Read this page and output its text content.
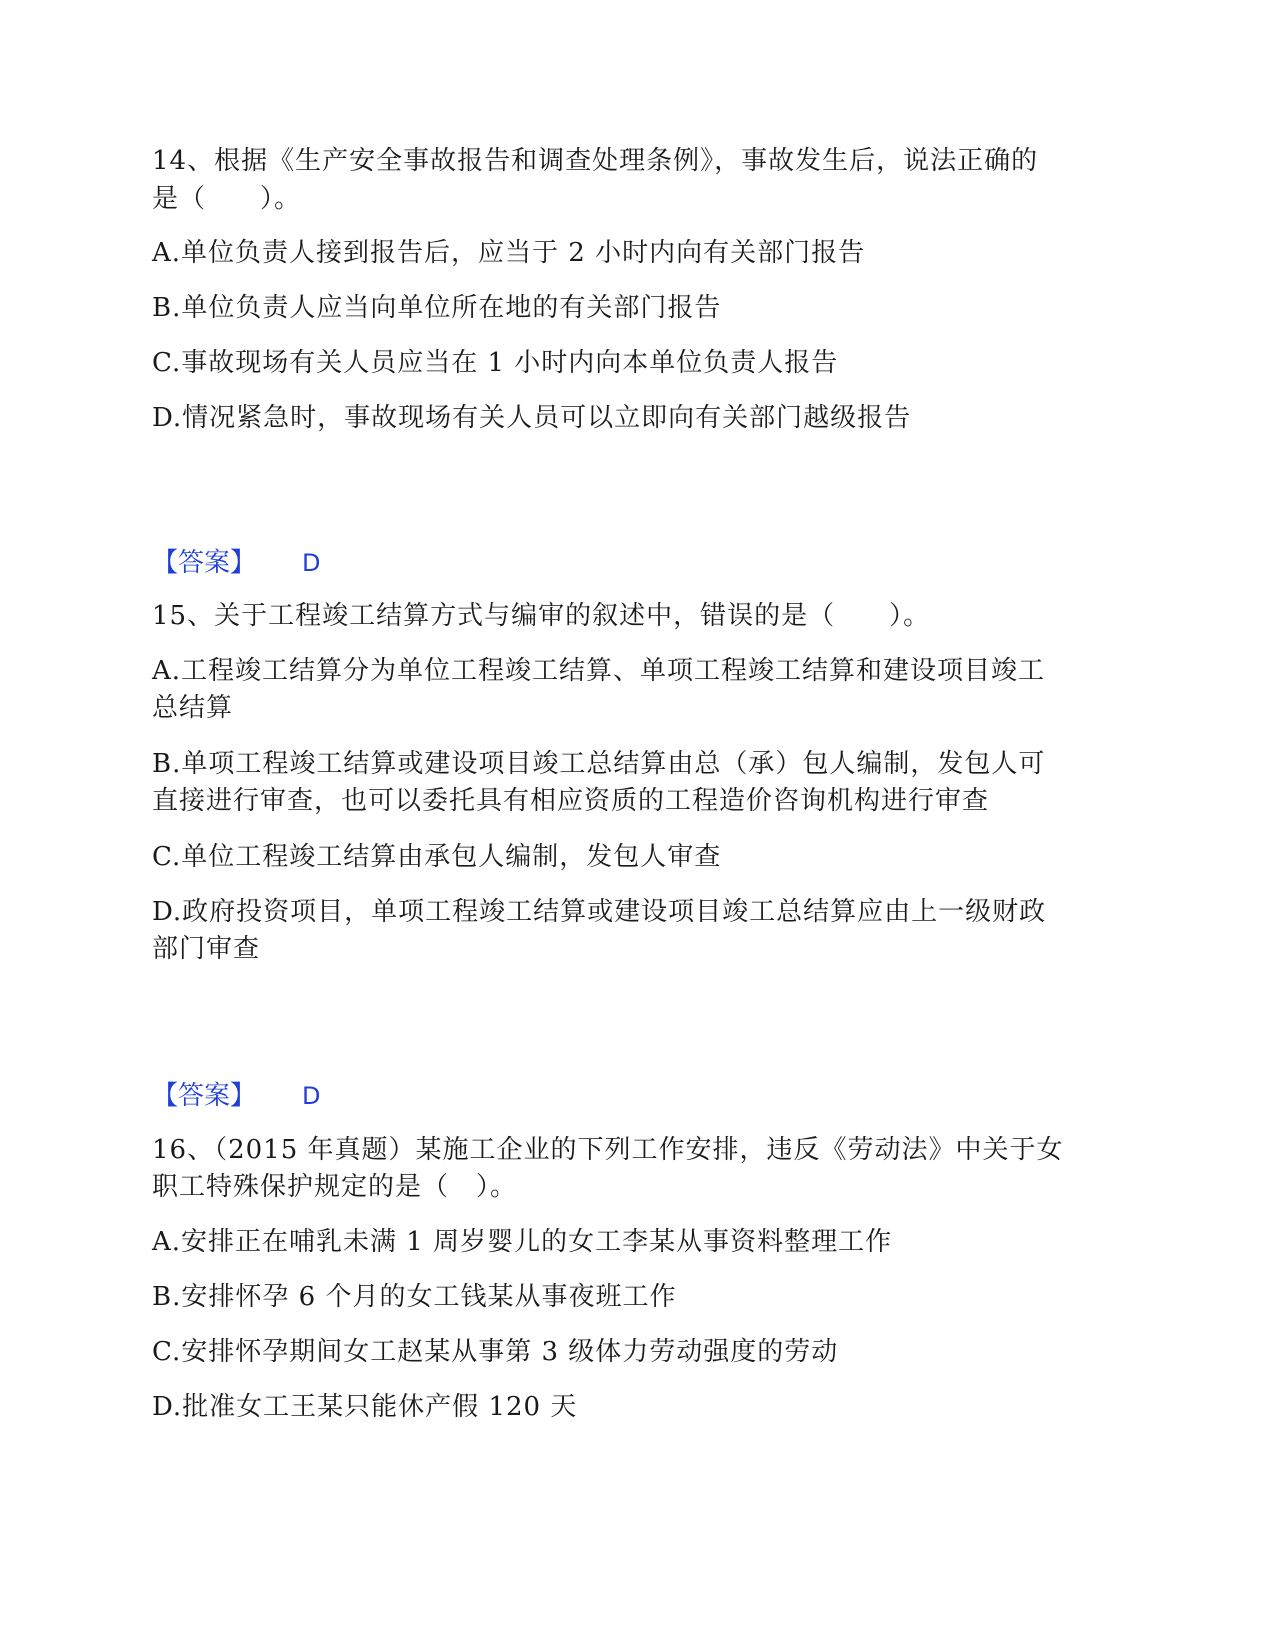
14、根据《生产安全事故报告和调查处理条例》，事故发生后，说法正确的
是（　　）。
A.单位负责人接到报告后，应当于 2 小时内向有关部门报告
B.单位负责人应当向单位所在地的有关部门报告
C.事故现场有关人员应当在 1 小时内向本单位负责人报告
D.情况紧急时，事故现场有关人员可以立即向有关部门越级报告
【答案】 D
15、关于工程竣工结算方式与编审的叙述中，错误的是（　　）。
A.工程竣工结算分为单位工程竣工结算、单项工程竣工结算和建设项目竣工
总结算
B.单项工程竣工结算或建设项目竣工总结算由总（承）包人编制，发包人可
直接进行审查，也可以委托具有相应资质的工程造价咨询机构进行审查
C.单位工程竣工结算由承包人编制，发包人审查
D.政府投资项目，单项工程竣工结算或建设项目竣工总结算应由上一级财政
部门审查
【答案】 D
16、（2015 年真题）某施工企业的下列工作安排，违反《劳动法》中关于女
职工特殊保护规定的是（　）。
A.安排正在哺乳未满 1 周岁婴儿的女工李某从事资料整理工作
B.安排怀孕 6 个月的女工钱某从事夜班工作
C.安排怀孕期间女工赵某从事第 3 级体力劳动强度的劳动
D.批准女工王某只能休产假 120 天
